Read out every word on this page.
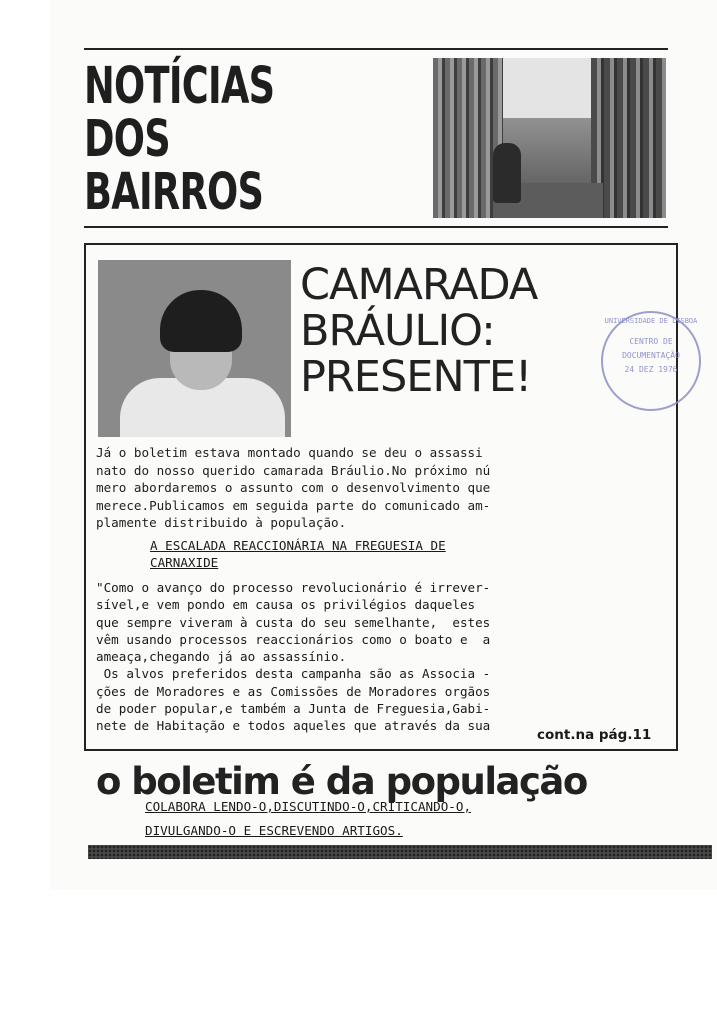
NOTÍCIAS
DOS
BAIRROS
CAMARADA
BRÁULIO:
PRESENTE!
CENTRO DE
DOCUMENTAÇÃO
24 DEZ 1976
UNIVERSIDADE DE LISBOA
Já o boletim estava montado quando se deu o assassi
nato do nosso querido camarada Bráulio.No próximo nú
mero abordaremos o assunto com o desenvolvimento que
merece.Publicamos em seguida parte do comunicado am-
plamente distribuido à população.
A ESCALADA REACCIONÁRIA NA FREGUESIA DE
CARNAXIDE
"Como o avanço do processo revolucionário é irrever-
sível,e vem pondo em causa os privilégios daqueles
que sempre viveram à custa do seu semelhante,  estes
vêm usando processos reaccionários como o boato e  a
ameaça,chegando já ao assassínio.
Os alvos preferidos desta campanha são as Associa -
ções de Moradores e as Comissões de Moradores orgãos
de poder popular,e também a Junta de Freguesia,Gabi-
nete de Habitação e todos aqueles que através da sua
cont.na pág.11
o boletim é da população
COLABORA LENDO-O,DISCUTINDO-O,CRITICANDO-O,
DIVULGANDO-O E ESCREVENDO ARTIGOS.
